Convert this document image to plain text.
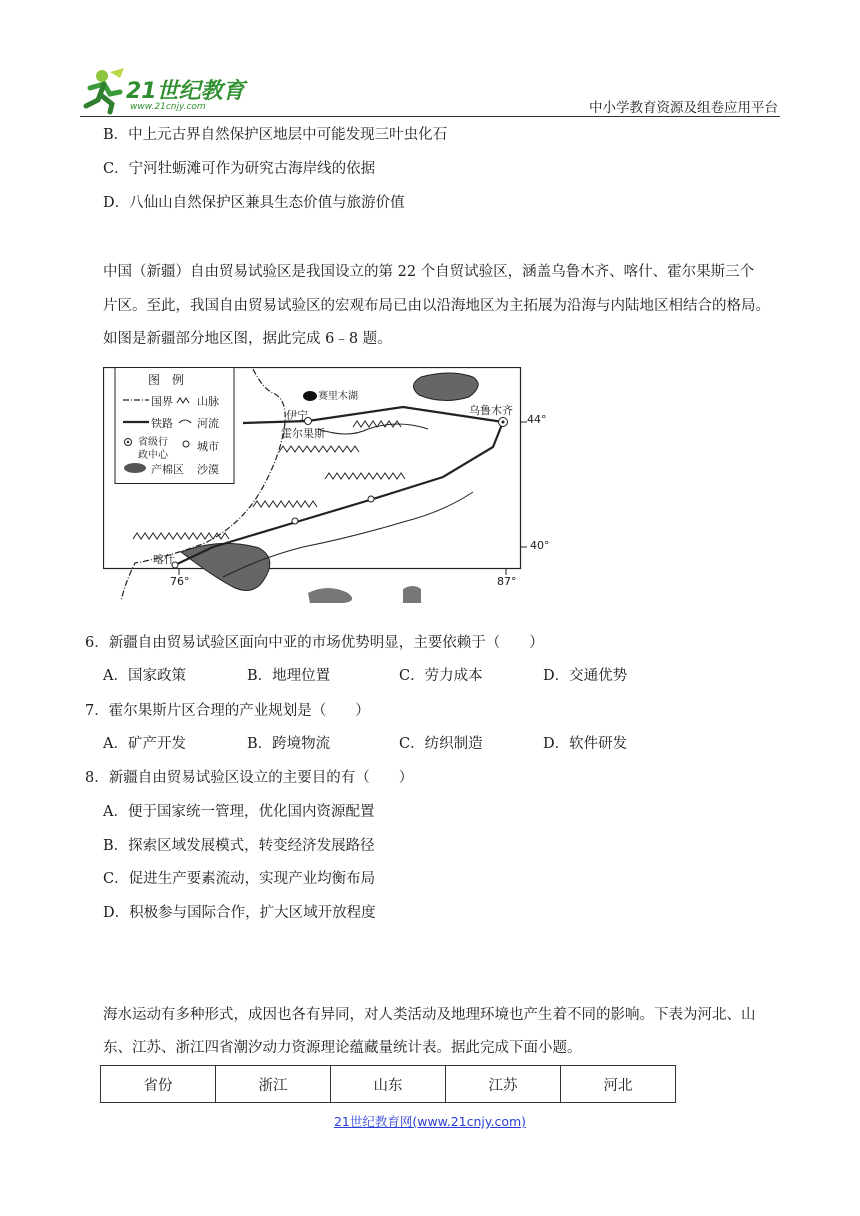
21世纪教育
www.21cnjy.com	中小学教育资源及组卷应用平台
B．中上元古界自然保护区地层中可能发现三叶虫化石
C．宁河牡蛎滩可作为研究古海岸线的依据
D．八仙山自然保护区兼具生态价值与旅游价值
中国（新疆）自由贸易试验区是我国设立的第 22 个自贸试验区，涵盖乌鲁木齐、喀什、霍尔果斯三个
片区。至此，我国自由贸易试验区的宏观布局已由以沿海地区为主拓展为沿海与内陆地区相结合的格局。
如图是新疆部分地区图，据此完成 6﹣8 题。
图　例
国界 山脉
铁路 河流
省级行
政中心
城市
产棉区 沙漠
赛里木湖
伊宁
霍尔果斯
乌鲁木齐
喀什
44°
40°
76°	87°
6．新疆自由贸易试验区面向中亚的市场优势明显，主要依赖于（　　）
A．国家政策	B．地理位置	C．劳力成本	D．交通优势
7．霍尔果斯片区合理的产业规划是（　　）
A．矿产开发	B．跨境物流	C．纺织制造	D．软件研发
8．新疆自由贸易试验区设立的主要目的有（　　）
A．便于国家统一管理，优化国内资源配置
B．探索区域发展模式，转变经济发展路径
C．促进生产要素流动，实现产业均衡布局
D．积极参与国际合作，扩大区域开放程度
海水运动有多种形式，成因也各有异同，对人类活动及地理环境也产生着不同的影响。下表为河北、山
东、江苏、浙江四省潮汐动力资源理论蕴藏量统计表。据此完成下面小题。
省份	浙江	山东	江苏	河北
21世纪教育网(www.21cnjy.com)
